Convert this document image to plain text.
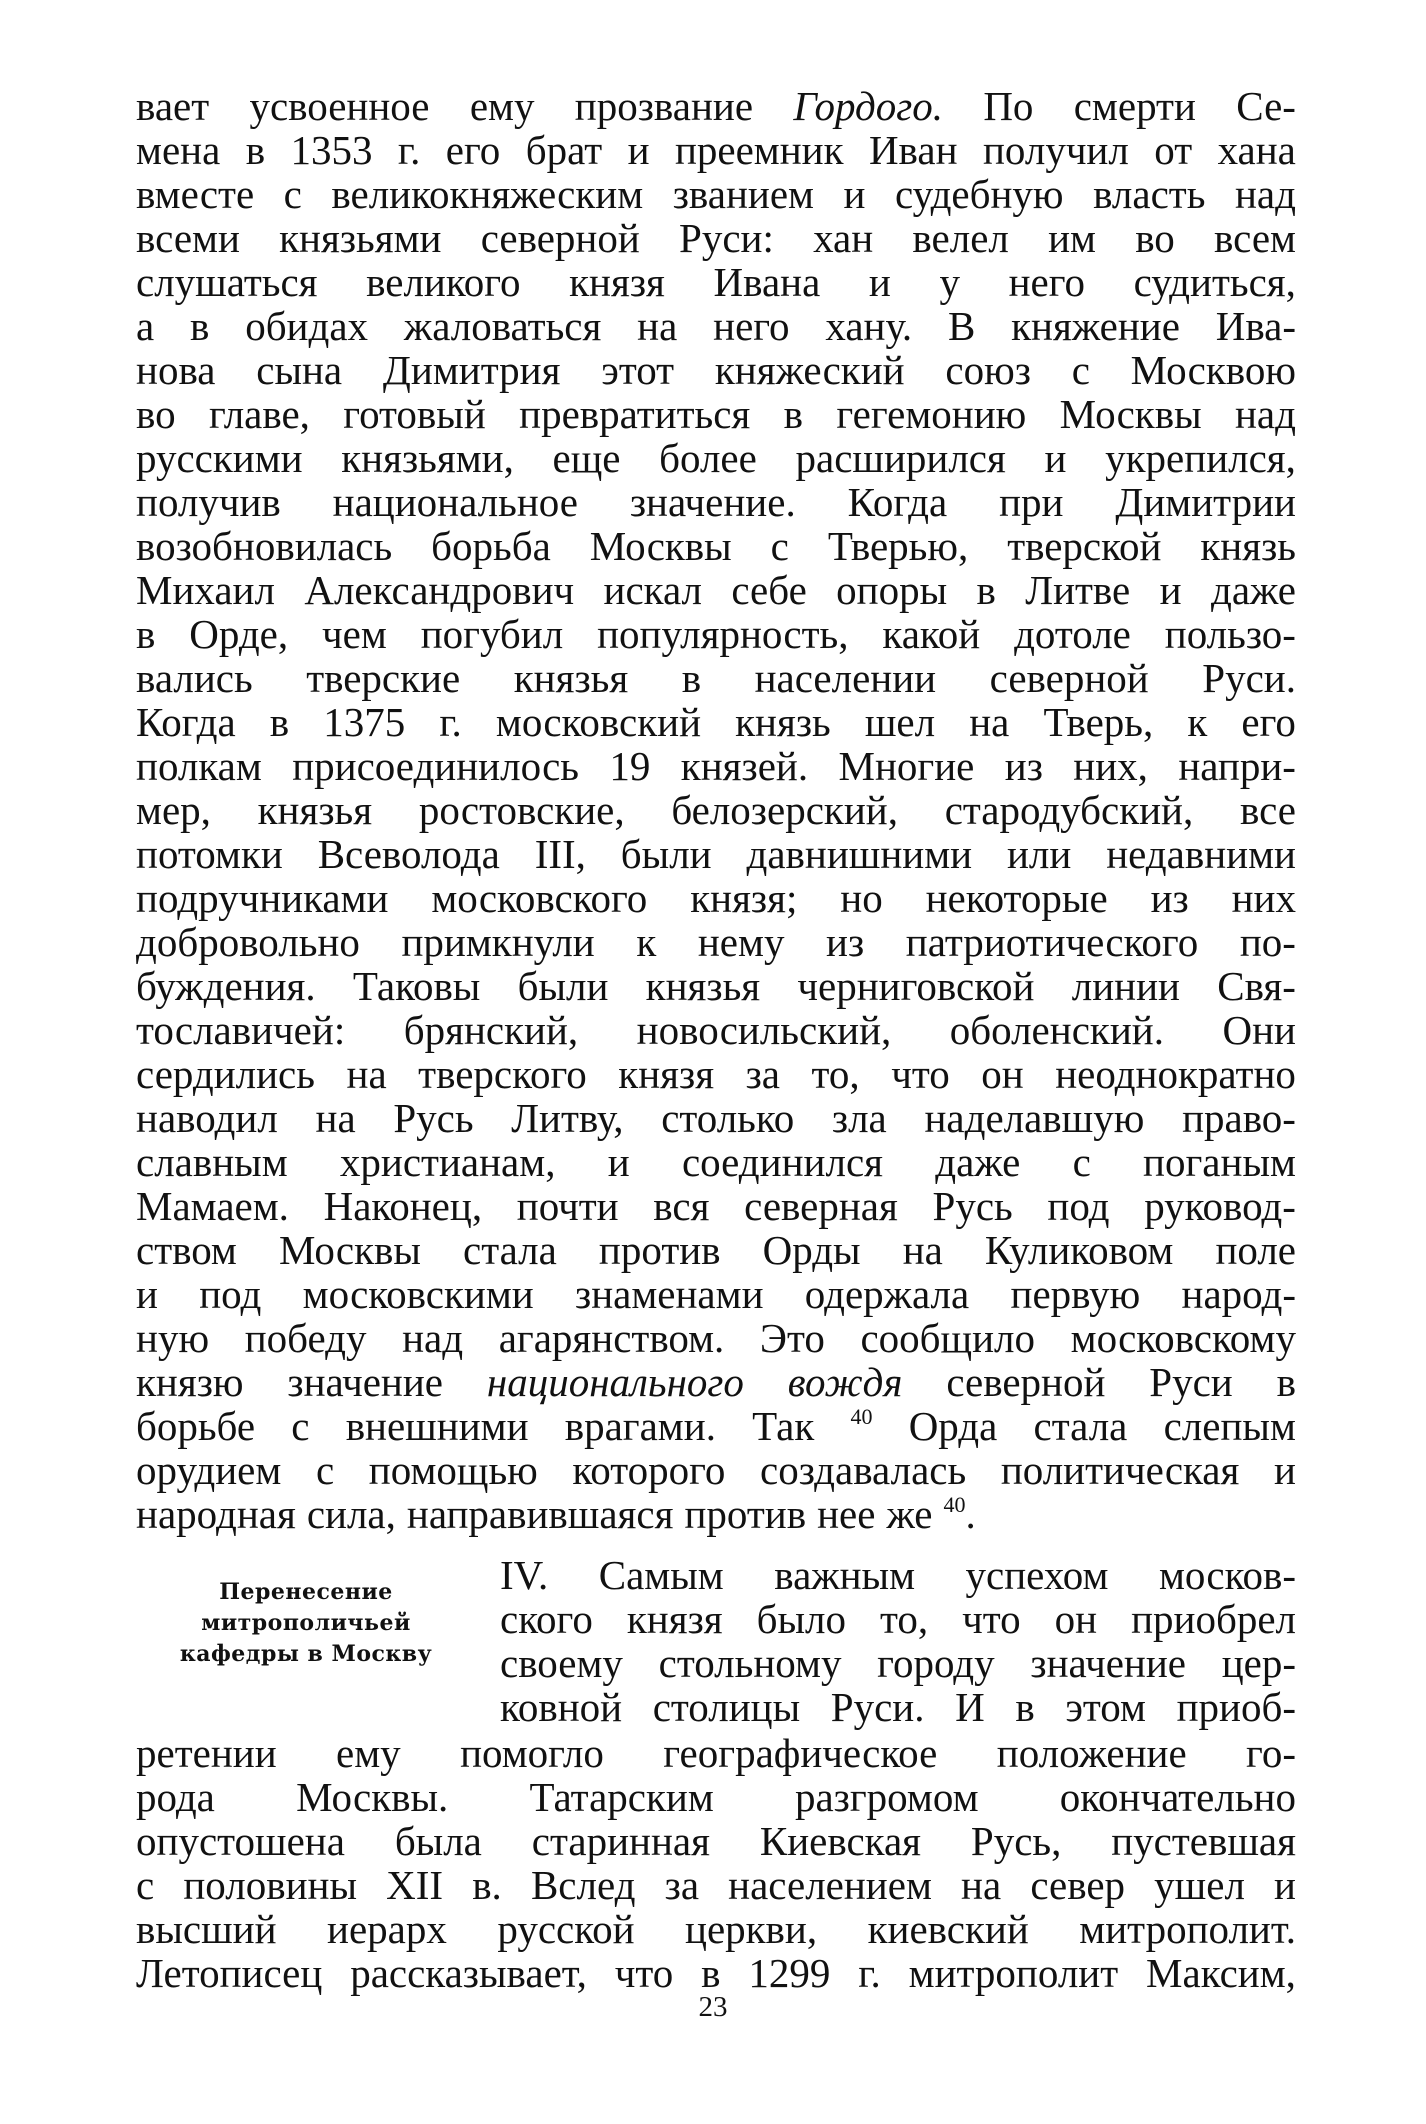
вает усвоенное ему прозвание Гордого. По смерти Се-
мена в 1353 г. его брат и преемник Иван получил от хана
вместе с великокняжеским званием и судебную власть над
всеми князьями северной Руси: хан велел им во всем
слушаться великого князя Ивана и у него судиться,
а в обидах жаловаться на него хану. В княжение Ива-
нова сына Димитрия этот княжеский союз с Москвою
во главе, готовый превратиться в гегемонию Москвы над
русскими князьями, еще более расширился и укрепился,
получив национальное значение. Когда при Димитрии
возобновилась борьба Москвы с Тверью, тверской князь
Михаил Александрович искал себе опоры в Литве и даже
в Орде, чем погубил популярность, какой дотоле пользо-
вались тверские князья в населении северной Руси.
Когда в 1375 г. московский князь шел на Тверь, к его
полкам присоединилось 19 князей. Многие из них, напри-
мер, князья ростовские, белозерский, стародубский, все
потомки Всеволода III, были давнишними или недавними
подручниками московского князя; но некоторые из них
добровольно примкнули к нему из патриотического по-
буждения. Таковы были князья черниговской линии Свя-
тославичей: брянский, новосильский, оболенский. Они
сердились на тверского князя за то, что он неоднократно
наводил на Русь Литву, столько зла наделавшую право-
славным христианам, и соединился даже с поганым
Мамаем. Наконец, почти вся северная Русь под руковод-
ством Москвы стала против Орды на Куликовом поле
и под московскими знаменами одержала первую народ-
ную победу над агарянством. Это сообщило московскому
князю значение национального вождя северной Руси в
борьбе с внешними врагами. Так $^{40}$ Орда стала слепым
орудием с помощью которого создавалась политическая и
народная сила, направившаяся против нее же $^{40}$.
Перенесение
митрополичьей
кафедры в Москву
IV. Самым важным успехом москов-
ского князя было то, что он приобрел
своему стольному городу значение цер-
ковной столицы Руси. И в этом приоб-
ретении ему помогло географическое положение го-
рода Москвы. Татарским разгромом окончательно
опустошена была старинная Киевская Русь, пустевшая
с половины XII в. Вслед за населением на север ушел и
высший иерарх русской церкви, киевский митрополит.
Летописец рассказывает, что в 1299 г. митрополит Максим,
23
